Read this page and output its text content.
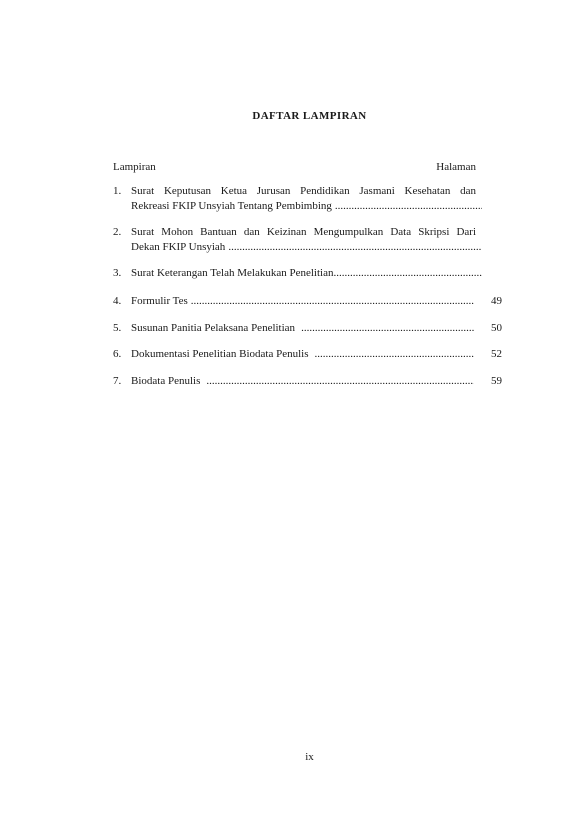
DAFTAR LAMPIRAN
Lampiran	Halaman
1. Surat Keputusan Ketua Jurusan Pendidikan Jasmani Kesehatan dan
Rekreasi FKIP Unsyiah Tentang Pembimbing
.....
2. Surat Mohon Bantuan dan Keizinan Mengumpulkan Data Skripsi Dari
Dekan FKIP Unsyiah
.....
3. Surat Keterangan Telah Melakukan Penelitian
.....
4. Formulir Tes .....	49
5. Susunan Panitia Pelaksana Penelitian .....	50
6. Dokumentasi Penelitian Biodata Penulis .....	52
7. Biodata Penulis .....	59
ix
